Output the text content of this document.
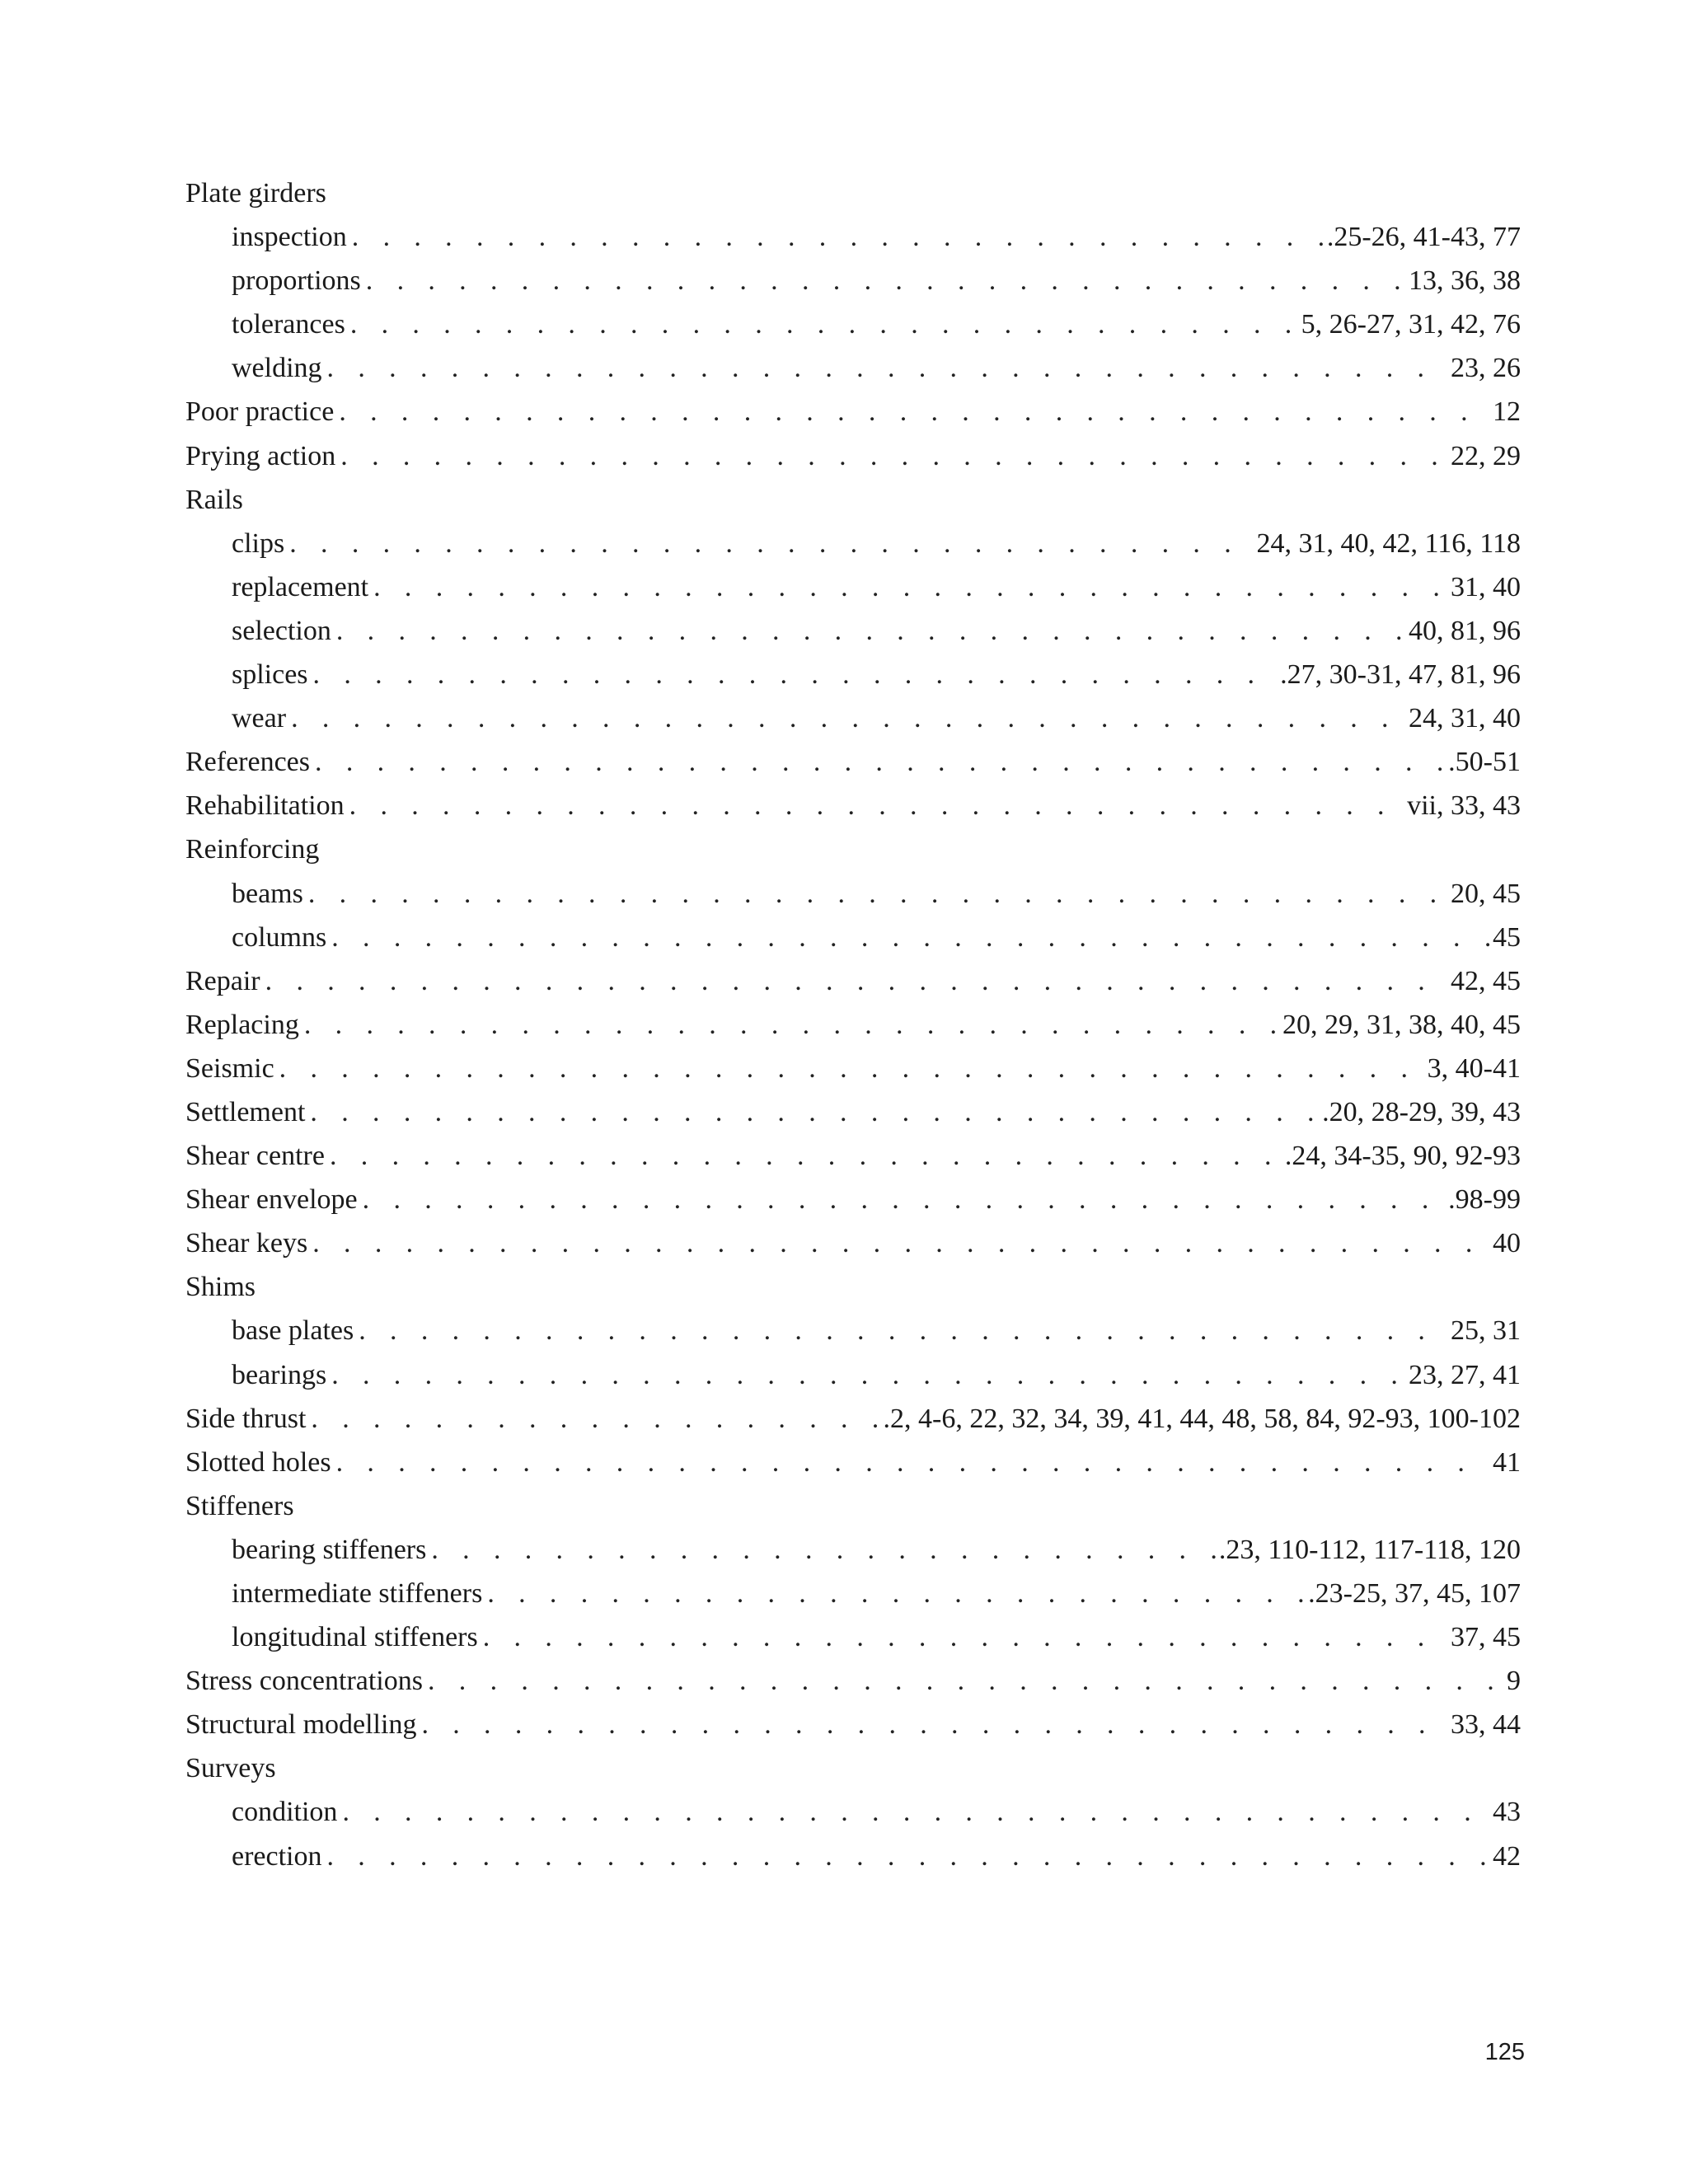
Plate girders
inspection . . .	.25-26, 41-43, 77
proportions . . .	13, 36, 38
tolerances . . .	5, 26-27, 31, 42, 76
welding . . .	23, 26
Poor practice . . .	12
Prying action . . .	22, 29
Rails
clips . . .	24, 31, 40, 42, 116, 118
replacement . . .	31, 40
selection . . .	40, 81, 96
splices . . .	.27, 30-31, 47, 81, 96
wear . . .	24, 31, 40
References . . .	.50-51
Rehabilitation . . .	vii, 33, 43
Reinforcing
beams . . .	20, 45
columns . . .	45
Repair . . .	42, 45
Replacing . . .	20, 29, 31, 38, 40, 45
Seismic . . .	3, 40-41
Settlement . . .	.20, 28-29, 39, 43
Shear centre . . .	.24, 34-35, 90, 92-93
Shear envelope . . .	.98-99
Shear keys . . .	40
Shims
base plates . . .	25, 31
bearings . . .	23, 27, 41
Side thrust . . .	.2, 4-6, 22, 32, 34, 39, 41, 44, 48, 58, 84, 92-93, 100-102
Slotted holes . . .	41
Stiffeners
bearing stiffeners . . .	.23, 110-112, 117-118, 120
intermediate stiffeners . . .	.23-25, 37, 45, 107
longitudinal stiffeners . . .	37, 45
Stress concentrations . . .	9
Structural modelling . . .	33, 44
Surveys
condition . . .	43
erection . . .	42
125
